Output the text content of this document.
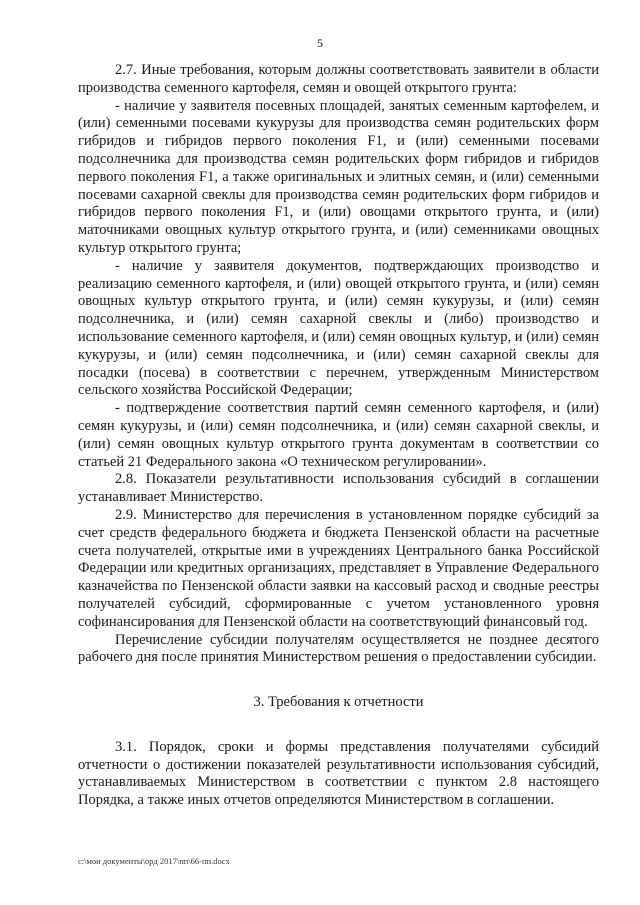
5

2.7. Иные требования, которым должны соответствовать заявители в области производства семенного картофеля, семян и овощей открытого грунта:

- наличие у заявителя посевных площадей, занятых семенным картофелем, и (или) семенными посевами кукурузы для производства семян родительских форм гибридов и гибридов первого поколения F1, и (или) семенными посевами подсолнечника для производства семян родительских форм гибридов и гибридов первого поколения F1, а также оригинальных и элитных семян, и (или) семенными посевами сахарной свеклы для производства семян родительских форм гибридов и гибридов первого поколения F1, и (или) овощами открытого грунта, и (или) маточниками овощных культур открытого грунта, и (или) семенниками овощных культур открытого грунта;

- наличие у заявителя документов, подтверждающих производство и реализацию семенного картофеля, и (или) овощей открытого грунта, и (или) семян овощных культур открытого грунта, и (или) семян кукурузы, и (или) семян подсолнечника, и (или) семян сахарной свеклы и (либо) производство и использование семенного картофеля, и (или) семян овощных культур, и (или) семян кукурузы, и (или) семян подсолнечника, и (или) семян сахарной свеклы для посадки (посева) в соответствии с перечнем, утвержденным Министерством сельского хозяйства Российской Федерации;

- подтверждение соответствия партий семян семенного картофеля, и (или) семян кукурузы, и (или) семян подсолнечника, и (или) семян сахарной свеклы, и (или) семян овощных культур открытого грунта документам в соответствии со статьей 21 Федерального закона «О техническом регулировании».

2.8. Показатели результативности использования субсидий в соглашении устанавливает Министерство.

2.9. Министерство для перечисления в установленном порядке субсидий за счет средств федерального бюджета и бюджета Пензенской области на расчетные счета получателей, открытые ими в учреждениях Центрального банка Российской Федерации или кредитных организациях, представляет в Управление Федерального казначейства по Пензенской области заявки на кассовый расход и сводные реестры получателей субсидий, сформированные с учетом установленного уровня софинансирования для Пензенской области на соответствующий финансовый год.

Перечисление субсидии получателям осуществляется не позднее десятого рабочего дня после принятия Министерством решения о предоставлении субсидии.

3. Требования к отчетности

3.1. Порядок, сроки и формы представления получателями субсидий отчетности о достижении показателей результативности использования субсидий, устанавливаемых Министерством в соответствии с пунктом 2.8 настоящего Порядка, а также иных отчетов определяются Министерством в соглашении.

c:\мои документы\орд 2017\пп\66-пп.docx
